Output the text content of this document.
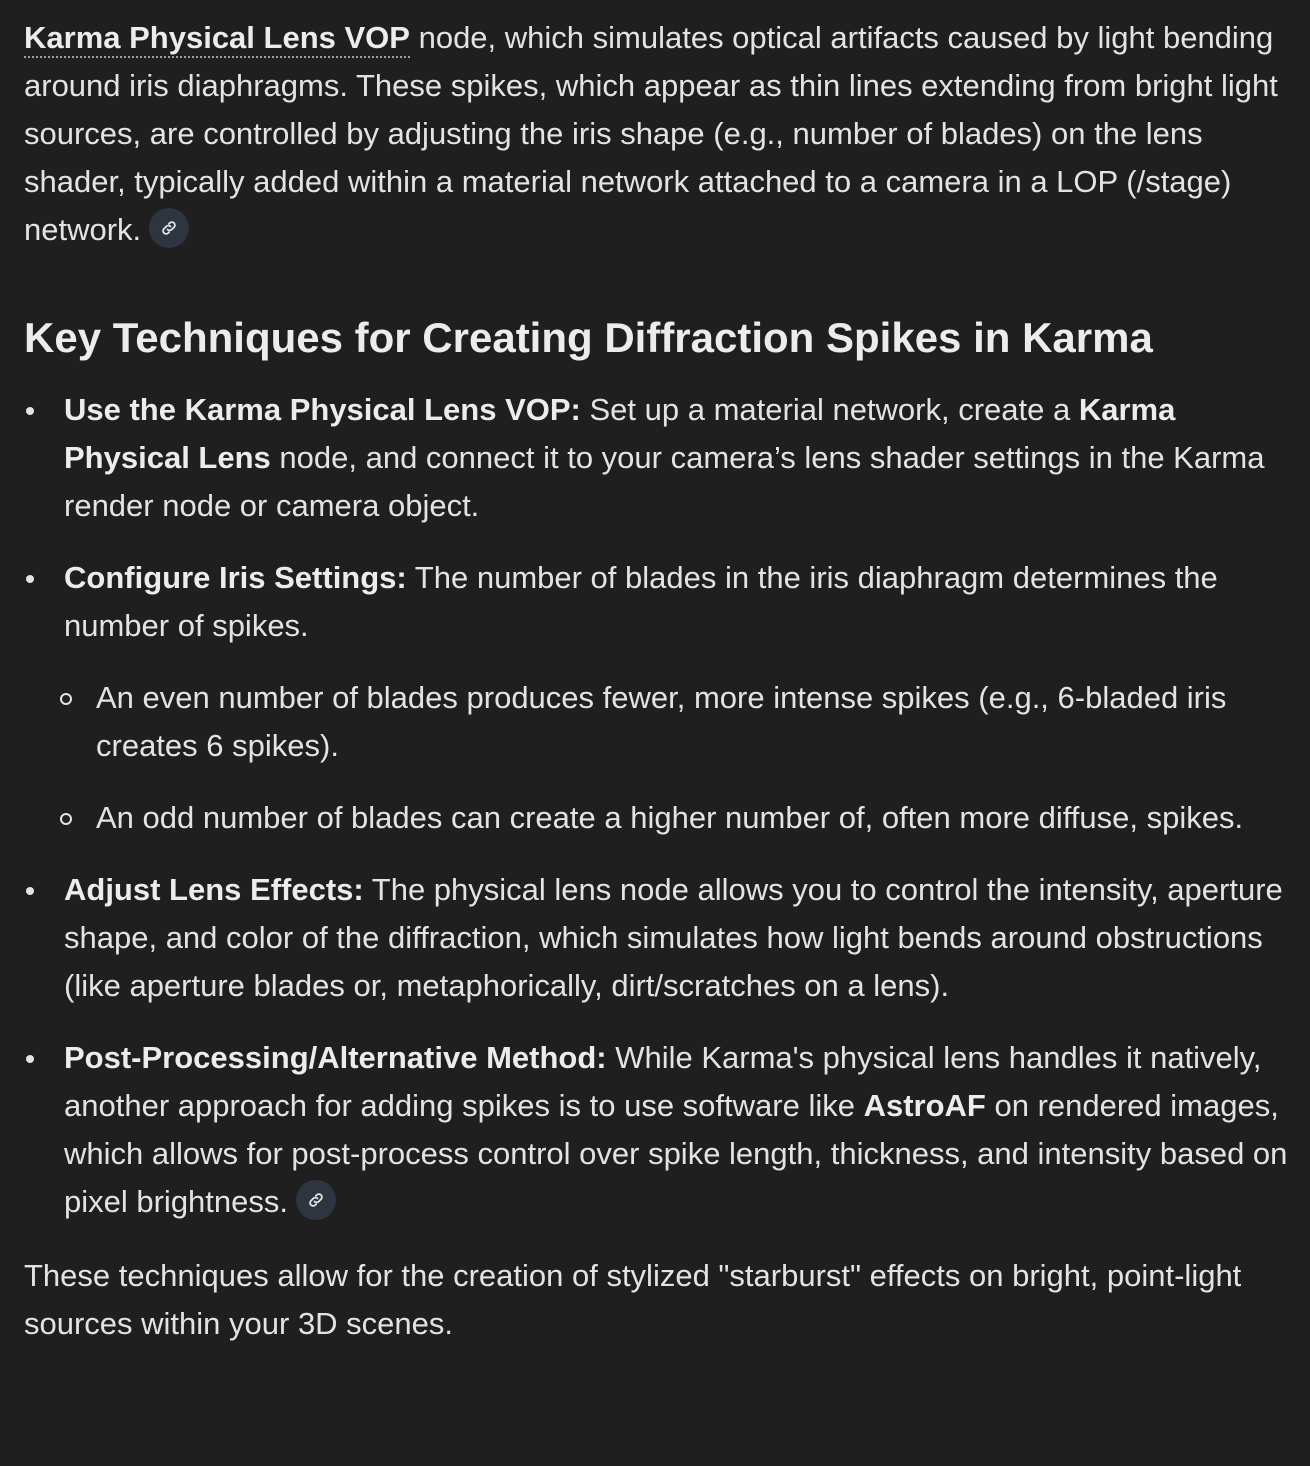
Karma Physical Lens VOP node, which simulates optical artifacts caused by light bending around iris diaphragms. These spikes, which appear as thin lines extending from bright light sources, are controlled by adjusting the iris shape (e.g., number of blades) on the lens shader, typically added within a material network attached to a camera in a LOP (/stage) network.

Key Techniques for Creating Diffraction Spikes in Karma
Use the Karma Physical Lens VOP: Set up a material network, create a Karma Physical Lens node, and connect it to your camera’s lens shader settings in the Karma render node or camera object.
Configure Iris Settings: The number of blades in the iris diaphragm determines the number of spikes.
An even number of blades produces fewer, more intense spikes (e.g., 6-bladed iris creates 6 spikes).
An odd number of blades can create a higher number of, often more diffuse, spikes.
Adjust Lens Effects: The physical lens node allows you to control the intensity, aperture shape, and color of the diffraction, which simulates how light bends around obstructions (like aperture blades or, metaphorically, dirt/scratches on a lens).
Post-Processing/Alternative Method: While Karma's physical lens handles it natively, another approach for adding spikes is to use software like AstroAF on rendered images, which allows for post-process control over spike length, thickness, and intensity based on pixel brightness.

These techniques allow for the creation of stylized "starburst" effects on bright, point-light sources within your 3D scenes.
